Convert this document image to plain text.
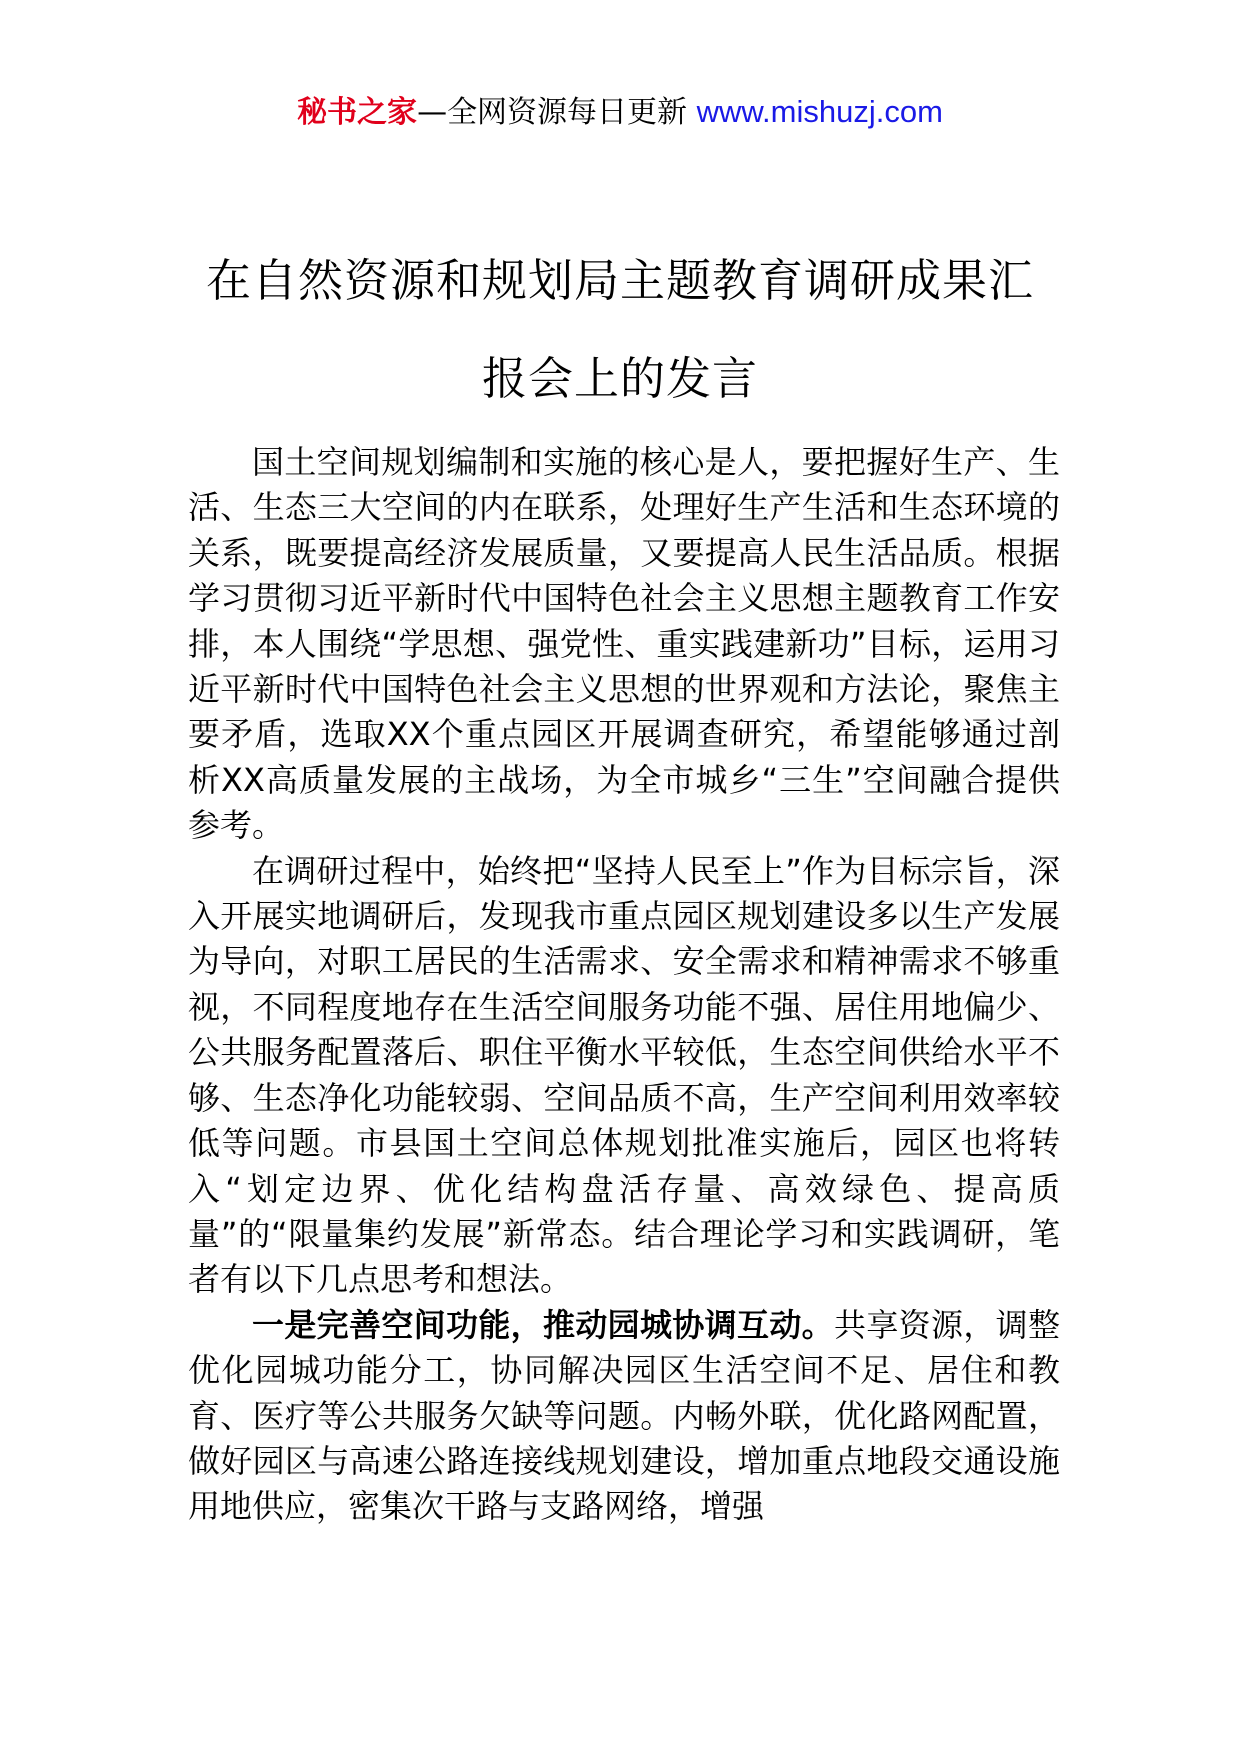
秘书之家—全网资源每日更新 www.mishuzj.com
在自然资源和规划局主题教育调研成果汇
报会上的发言

国土空间规划编制和实施的核心是人，要把握好生产、生活、生态三大空间的内在联系，处理好生产生活和生态环境的关系，既要提高经济发展质量，又要提高人民生活品质。根据学习贯彻习近平新时代中国特色社会主义思想主题教育工作安排，本人围绕“学思想、强党性、重实践建新功”目标，运用习近平新时代中国特色社会主义思想的世界观和方法论，聚焦主要矛盾，选取XX个重点园区开展调查研究，希望能够通过剖析XX高质量发展的主战场，为全市城乡“三生”空间融合提供参考。

在调研过程中，始终把“坚持人民至上”作为目标宗旨，深入开展实地调研后，发现我市重点园区规划建设多以生产发展为导向，对职工居民的生活需求、安全需求和精神需求不够重视，不同程度地存在生活空间服务功能不强、居住用地偏少、公共服务配置落后、职住平衡水平较低，生态空间供给水平不够、生态净化功能较弱、空间品质不高，生产空间利用效率较低等问题。市县国土空间总体规划批准实施后，园区也将转入“划定边界、优化结构盘活存量、高效绿色、提高质量”的“限量集约发展”新常态。结合理论学习和实践调研，笔者有以下几点思考和想法。

一是完善空间功能，推动园城协调互动。共享资源，调整优化园城功能分工，协同解决园区生活空间不足、居住和教育、医疗等公共服务欠缺等问题。内畅外联，优化路网配置，做好园区与高速公路连接线规划建设，增加重点地段交通设施用地供应，密集次干路与支路网络，增强
